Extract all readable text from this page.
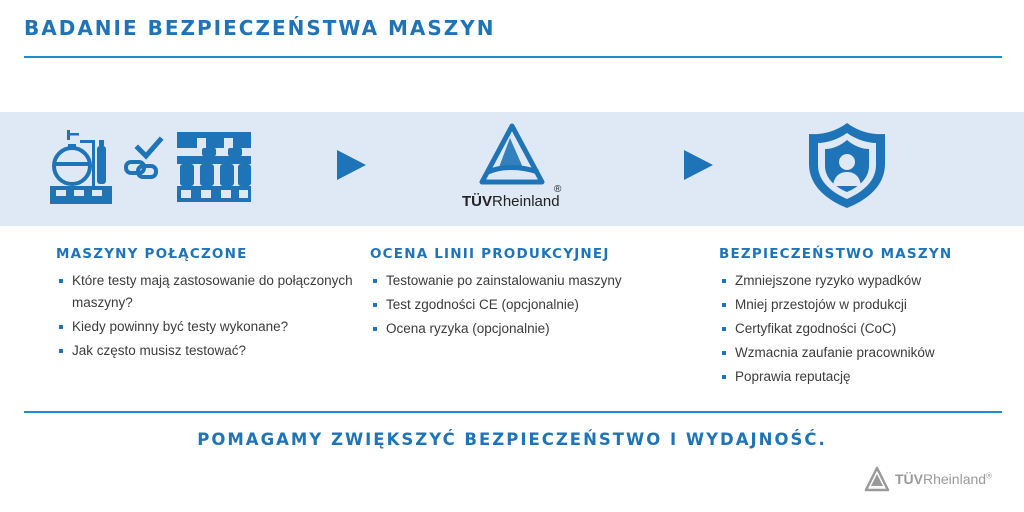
BADANIE BEZPIECZEŃSTWA MASZYN
TÜVRheinland
®
MASZYNY POŁĄCZONE
Które testy mają zastosowanie do połączonych maszyny?
Kiedy powinny być testy wykonane?
Jak często musisz testować?
OCENA LINII PRODUKCYJNEJ
Testowanie po zainstalowaniu maszyny
Test zgodności CE (opcjonalnie)
Ocena ryzyka (opcjonalnie)
BEZPIECZEŃSTWO MASZYN
Zmniejszone ryzyko wypadków
Mniej przestojów w produkcji
Certyfikat zgodności (CoC)
Wzmacnia zaufanie pracowników
Poprawia reputację
POMAGAMY ZWIĘKSZYĆ BEZPIECZEŃSTWO I WYDAJNOŚĆ.
TÜVRheinland®
